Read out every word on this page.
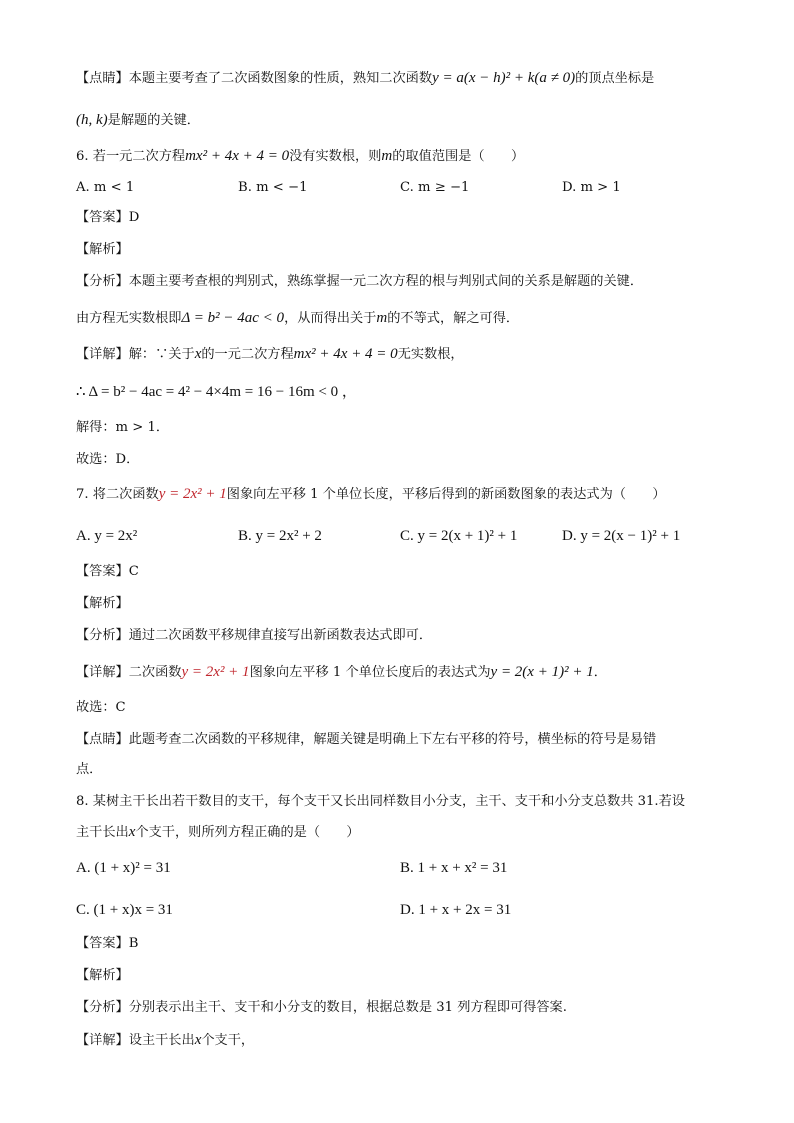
【点睛】本题主要考查了二次函数图象的性质，熟知二次函数y = a(x − h)² + k(a ≠ 0)的顶点坐标是
(h, k)是解题的关键．
6. 若一元二次方程mx² + 4x + 4 = 0没有实数根，则m的取值范围是（　　）
A. m < 1	B. m < −1	C. m ≥ −1	D. m > 1
【答案】D
【解析】
【分析】本题主要考查根的判别式，熟练掌握一元二次方程的根与判别式间的关系是解题的关键．
由方程无实数根即Δ = b² − 4ac < 0，从而得出关于m的不等式，解之可得．
【详解】解：∵关于x的一元二次方程mx² + 4x + 4 = 0无实数根，
∴ Δ = b² − 4ac = 4² − 4×4m = 16 − 16m < 0 ，
解得：m > 1．
故选：D．
7. 将二次函数y = 2x² + 1图象向左平移 1 个单位长度，平移后得到的新函数图象的表达式为（　　）
A. y = 2x²	B. y = 2x² + 2	C. y = 2(x + 1)² + 1	D. y = 2(x − 1)² + 1
【答案】C
【解析】
【分析】通过二次函数平移规律直接写出新函数表达式即可．
【详解】二次函数y = 2x² + 1图象向左平移 1 个单位长度后的表达式为y = 2(x + 1)² + 1．
故选：C
【点睛】此题考查二次函数的平移规律，解题关键是明确上下左右平移的符号，横坐标的符号是易错
点．
8. 某树主干长出若干数目的支干，每个支干又长出同样数目小分支，主干、支干和小分支总数共 31.若设
主干长出x个支干，则所列方程正确的是（　　）
A. (1 + x)² = 31	B. 1 + x + x² = 31
C. (1 + x)x = 31	D. 1 + x + 2x = 31
【答案】B
【解析】
【分析】分别表示出主干、支干和小分支的数目，根据总数是 31 列方程即可得答案.
【详解】设主干长出x个支干，
